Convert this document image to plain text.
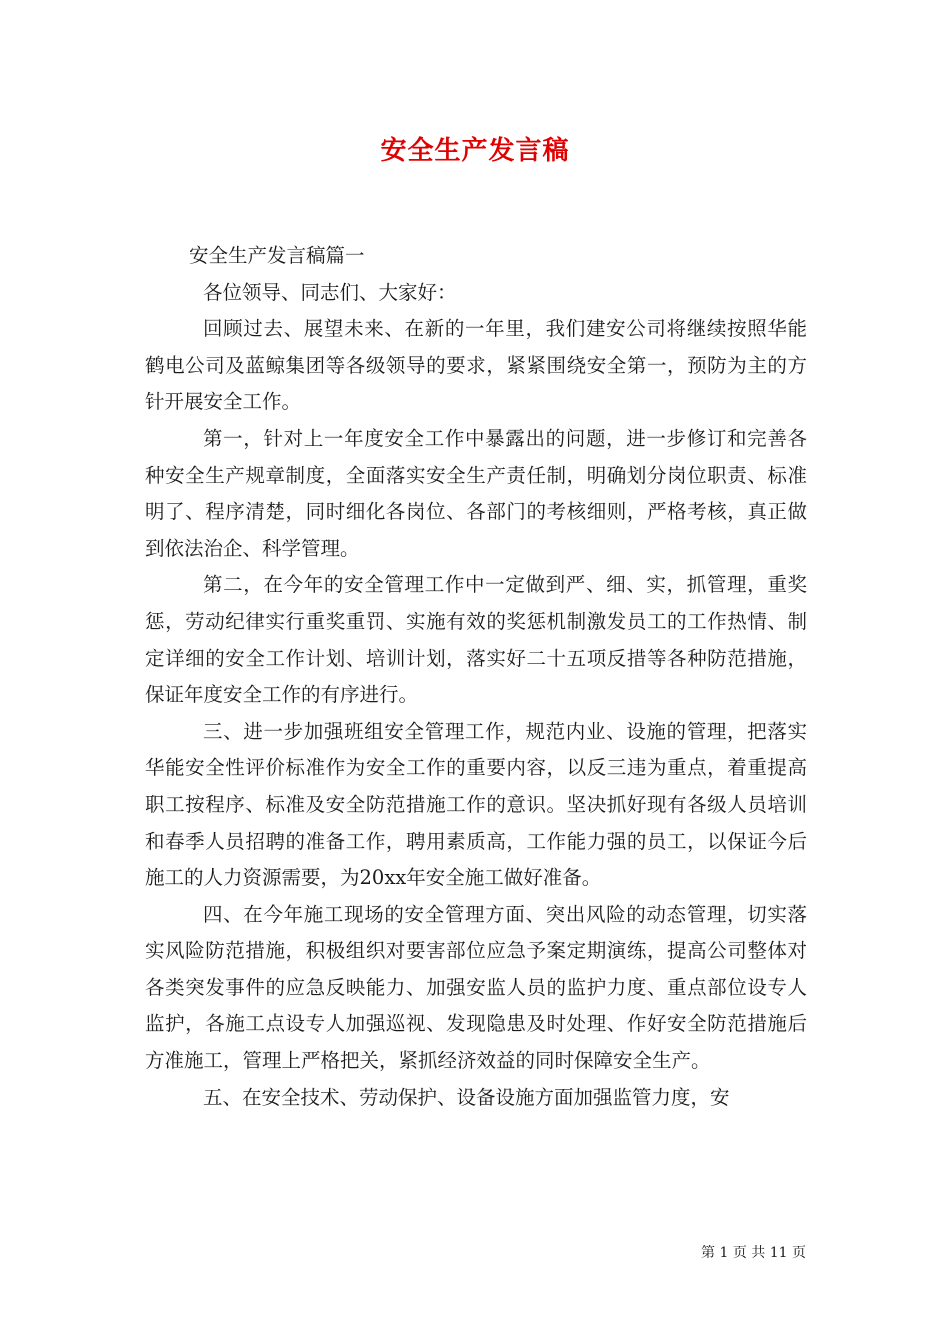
安全生产发言稿

安全生产发言稿篇一

各位领导、同志们、大家好：

回顾过去、展望未来、在新的一年里，我们建安公司将继续按照华能鹤电公司及蓝鲸集团等各级领导的要求，紧紧围绕安全第一，预防为主的方针开展安全工作。

第一，针对上一年度安全工作中暴露出的问题，进一步修订和完善各种安全生产规章制度，全面落实安全生产责任制，明确划分岗位职责、标准明了、程序清楚，同时细化各岗位、各部门的考核细则，严格考核，真正做到依法治企、科学管理。

第二，在今年的安全管理工作中一定做到严、细、实，抓管理，重奖惩，劳动纪律实行重奖重罚、实施有效的奖惩机制激发员工的工作热情、制定详细的安全工作计划、培训计划，落实好二十五项反措等各种防范措施，保证年度安全工作的有序进行。

三、进一步加强班组安全管理工作，规范内业、设施的管理，把落实华能安全性评价标准作为安全工作的重要内容，以反三违为重点，着重提高职工按程序、标准及安全防范措施工作的意识。坚决抓好现有各级人员培训和春季人员招聘的准备工作，聘用素质高，工作能力强的员工，以保证今后施工的人力资源需要，为20xx年安全施工做好准备。

四、在今年施工现场的安全管理方面、突出风险的动态管理，切实落实风险防范措施，积极组织对要害部位应急予案定期演练，提高公司整体对各类突发事件的应急反映能力、加强安监人员的监护力度、重点部位设专人监护，各施工点设专人加强巡视、发现隐患及时处理、作好安全防范措施后方准施工，管理上严格把关，紧抓经济效益的同时保障安全生产。

五、在安全技术、劳动保护、设备设施方面加强监管力度，安

第 1 页 共 11 页
